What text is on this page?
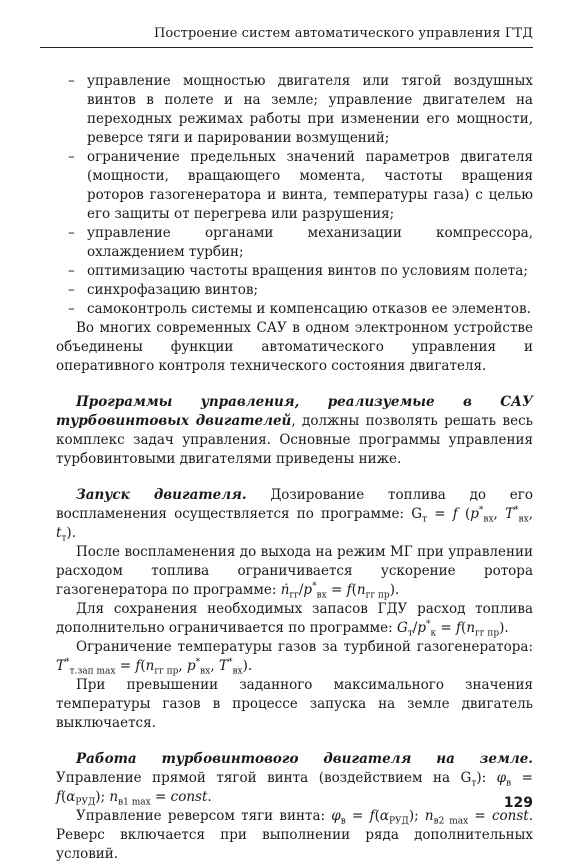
Построение систем автоматического управления ГТД
– управление мощностью двигателя или тягой воздушных винтов в полете и на земле; управление двигателем на переходных режимах работы при изменении его мощности, реверсе тяги и парировании возмущений;
– ограничение предельных значений параметров двигателя (мощности, вращающего момента, частоты вращения роторов газогенератора и винта, температуры газа) с целью его защиты от перегрева или разрушения;
– управление органами механизации компрессора, охлаждением турбин;
– оптимизацию частоты вращения винтов по условиям полета;
– синхрофазацию винтов;
– самоконтроль системы и компенсацию отказов ее элементов.

Во многих современных САУ в одном электронном устройстве объединены функции автоматического управления и оперативного контроля технического состояния двигателя.

Программы управления, реализуемые в САУ турбовинтовых двигателей, должны позволять решать весь комплекс задач управления. Основные программы управления турбовинтовыми двигателями приведены ниже.

Запуск двигателя. Дозирование топлива до его воспламенения осуществляется по программе: $G_т = f$ ($p^*_{вх}$, $T^*_{вх}$, $t_т$).

После воспламенения до выхода на режим МГ при управлении расходом топлива ограничивается ускорение ротора газогенератора по программе: $ṅ_{гг}/p^*_{вх} = f(n_{гг пр})$.

Для сохранения необходимых запасов ГДУ расход топлива дополнительно ограничивается по программе: $G_т/p^*_к = f(n_{гг пр})$.

Ограничение температуры газов за турбиной газогенератора: $T^*_{т.зап max} = f(n_{гг пр}$, $p^*_{вх}$, $T^*_{вх}$).

При превышении заданного максимального значения температуры газов в процессе запуска на земле двигатель выключается.

Работа турбовинтового двигателя на земле. Управление прямой тягой винта (воздействием на $G_т$): $\varphi_в = f(\alpha_{РУД})$; $n_{в1 max}$ = const.

Управление реверсом тяги винта: $\varphi_в = f(\alpha_{РУД})$; $n_{в2 max}$ = const. Реверс включается при выполнении ряда дополнительных условий.

129
